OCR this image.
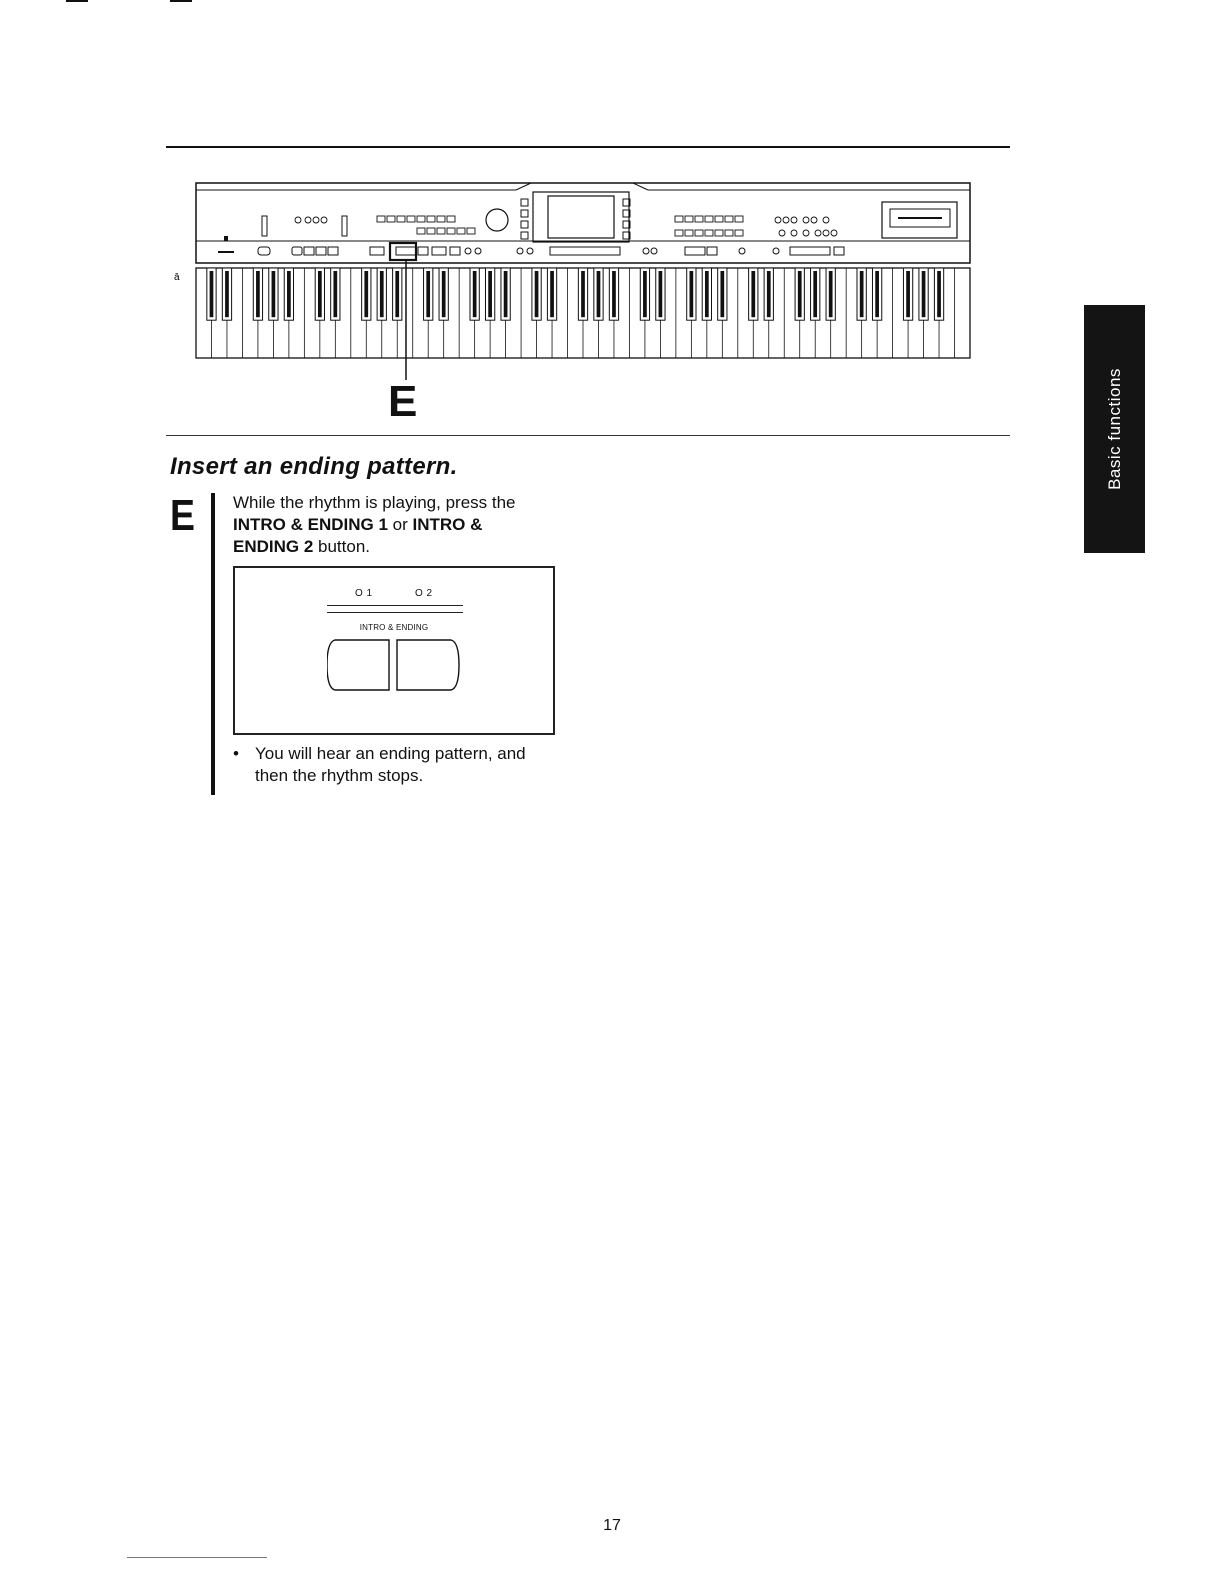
ā
E
Insert an ending pattern.
E While the rhythm is playing, press the INTRO & ENDING 1 or INTRO & ENDING 2 button.
O 1	O 2
INTRO & ENDING
• You will hear an ending pattern, and then the rhythm stops.
Basic functions
17
